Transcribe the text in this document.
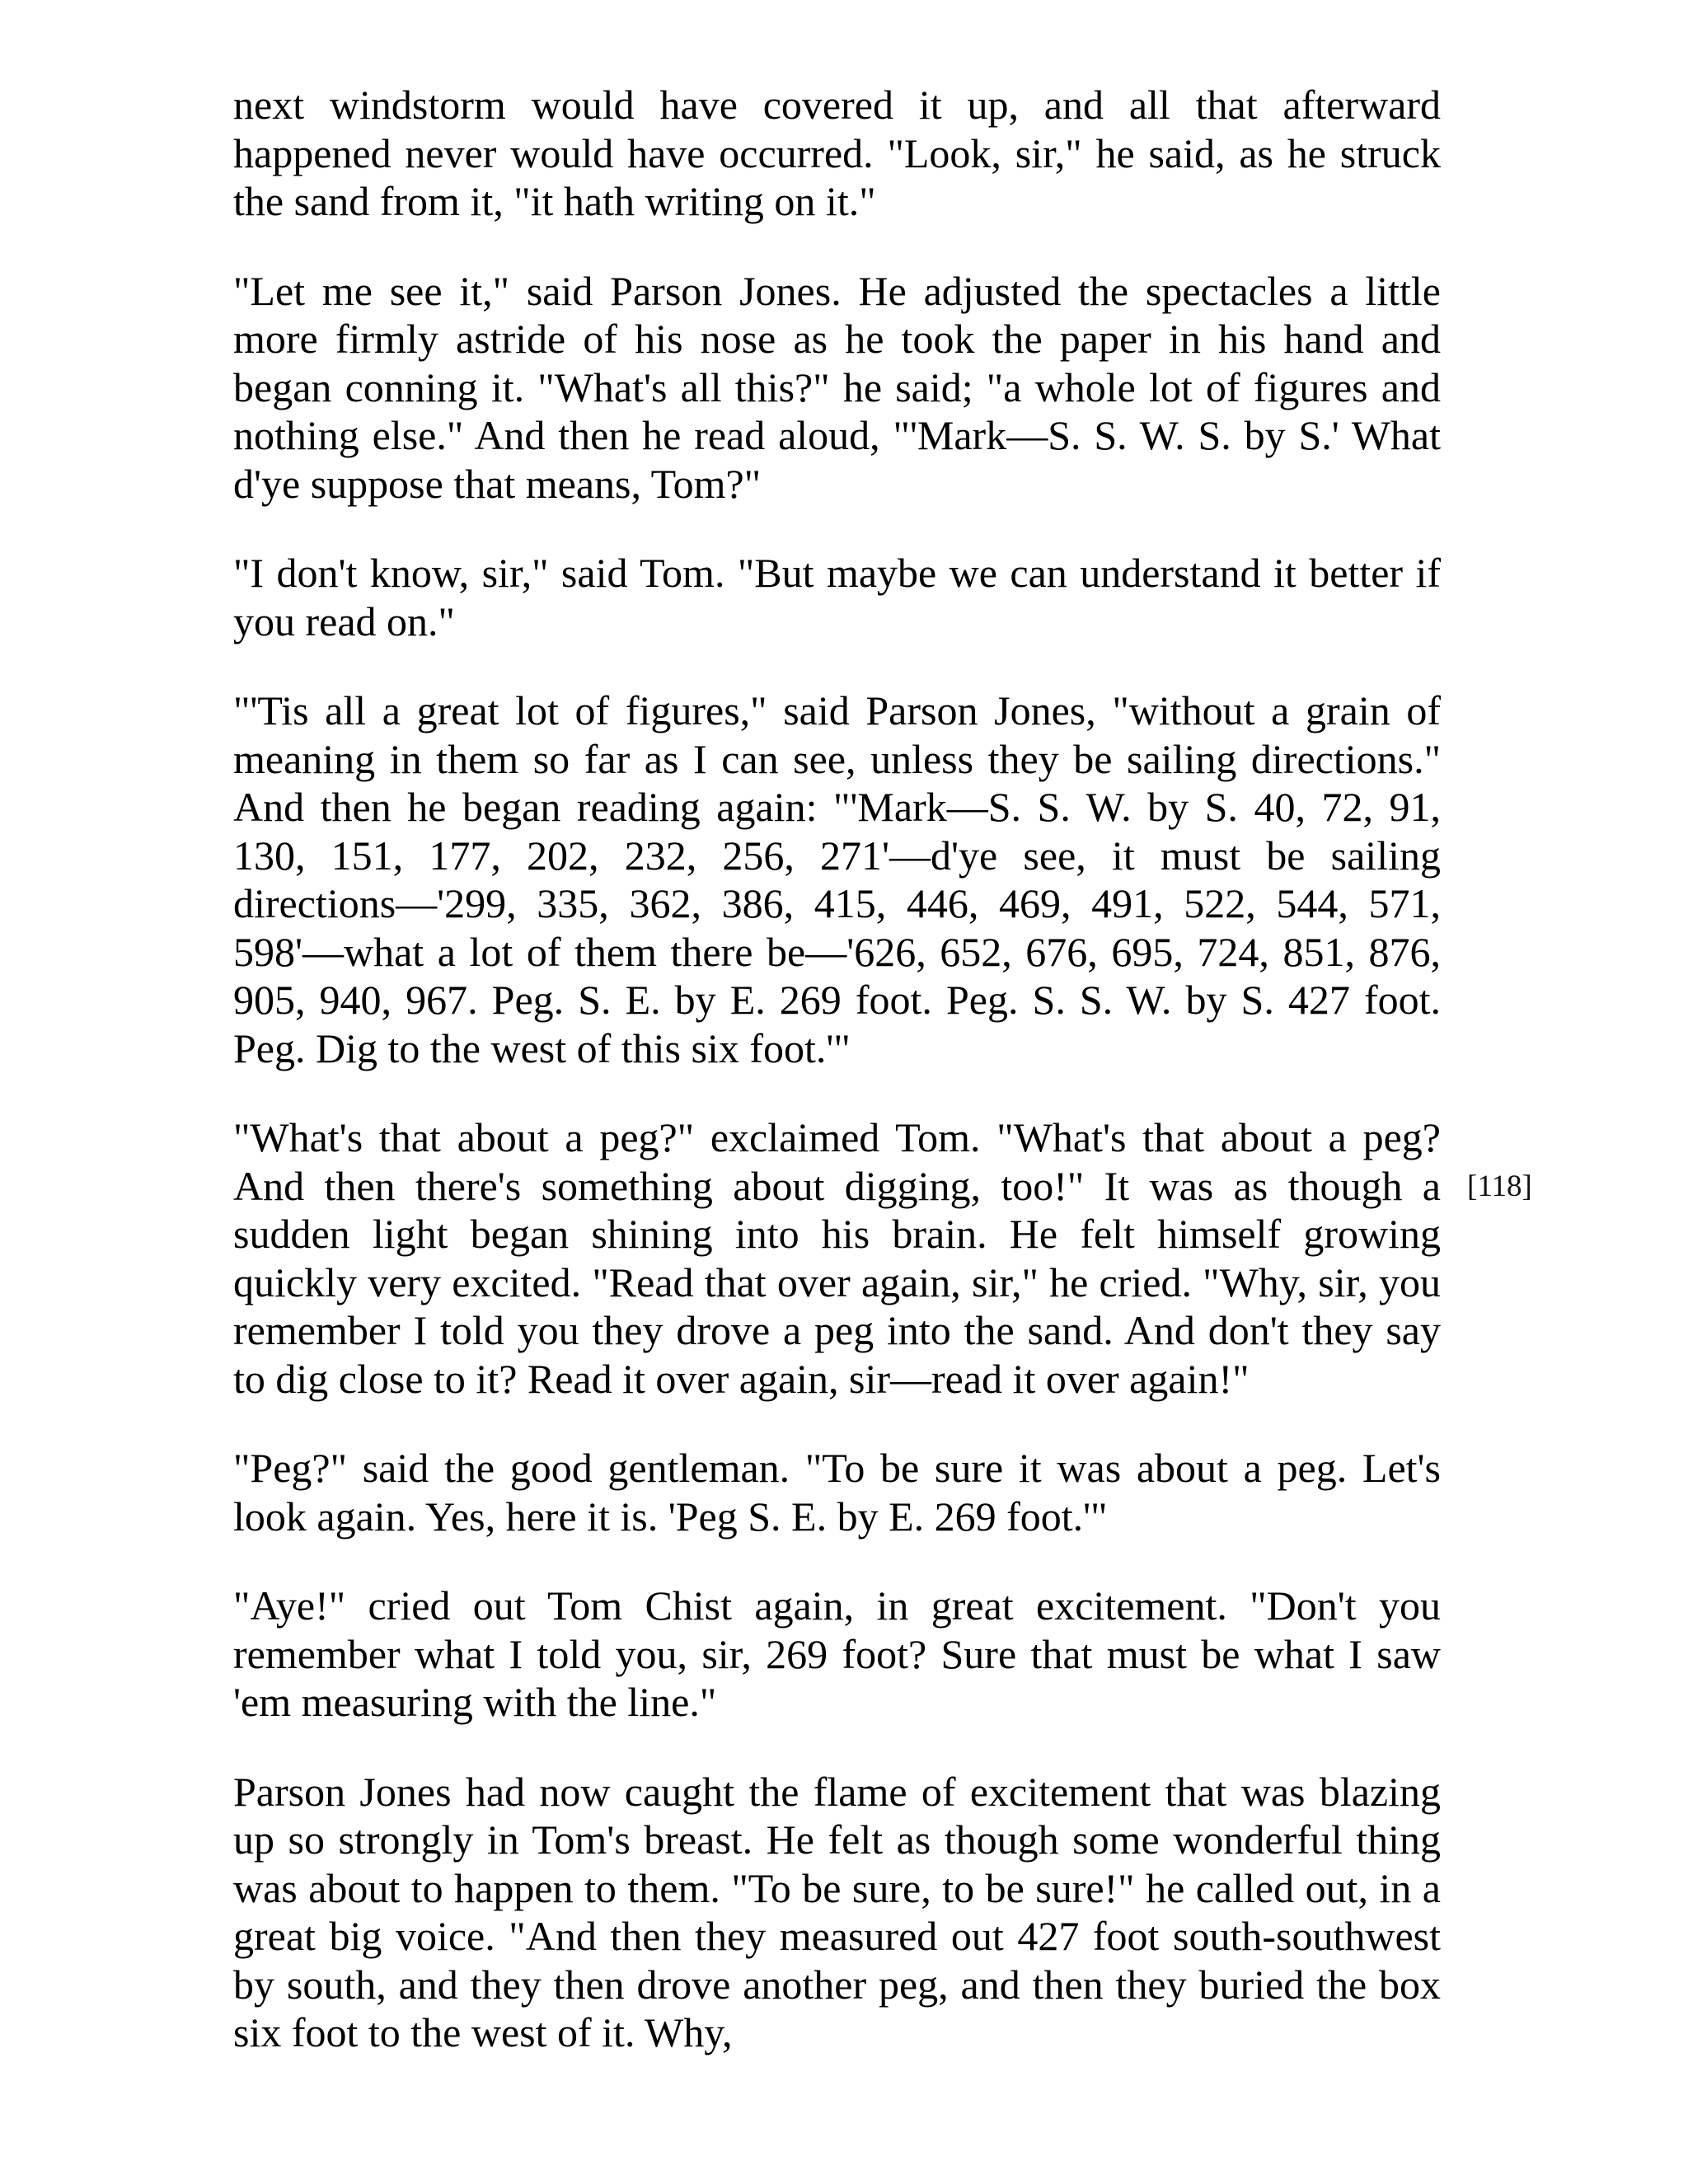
next windstorm would have covered it up, and all that afterward happened never would have occurred. "Look, sir," he said, as he struck the sand from it, "it hath writing on it."

"Let me see it," said Parson Jones. He adjusted the spectacles a little more firmly astride of his nose as he took the paper in his hand and began conning it. "What's all this?" he said; "a whole lot of figures and nothing else." And then he read aloud, "'Mark—S. S. W. S. by S.' What d'ye suppose that means, Tom?"

"I don't know, sir," said Tom. "But maybe we can understand it better if you read on."

"'Tis all a great lot of figures," said Parson Jones, "without a grain of meaning in them so far as I can see, unless they be sailing directions." And then he began reading again: "'Mark—S. S. W. by S. 40, 72, 91, 130, 151, 177, 202, 232, 256, 271'—d'ye see, it must be sailing directions—'299, 335, 362, 386, 415, 446, 469, 491, 522, 544, 571, 598'—what a lot of them there be—'626, 652, 676, 695, 724, 851, 876, 905, 940, 967. Peg. S. E. by E. 269 foot. Peg. S. S. W. by S. 427 foot. Peg. Dig to the west of this six foot.'"

"What's that about a peg?" exclaimed Tom. "What's that about a peg? And then there's something about digging, too!" It was as though a sudden light began shining into his brain. He felt himself growing quickly very excited. "Read that over again, sir," he cried. "Why, sir, you remember I told you they drove a peg into the sand. And don't they say to dig close to it? Read it over again, sir—read it over again!"

"Peg?" said the good gentleman. "To be sure it was about a peg. Let's look again. Yes, here it is. 'Peg S. E. by E. 269 foot.'"

"Aye!" cried out Tom Chist again, in great excitement. "Don't you remember what I told you, sir, 269 foot? Sure that must be what I saw 'em measuring with the line."

Parson Jones had now caught the flame of excitement that was blazing up so strongly in Tom's breast. He felt as though some wonderful thing was about to happen to them. "To be sure, to be sure!" he called out, in a great big voice. "And then they measured out 427 foot south-southwest by south, and they then drove another peg, and then they buried the box six foot to the west of it. Why,

[118]
